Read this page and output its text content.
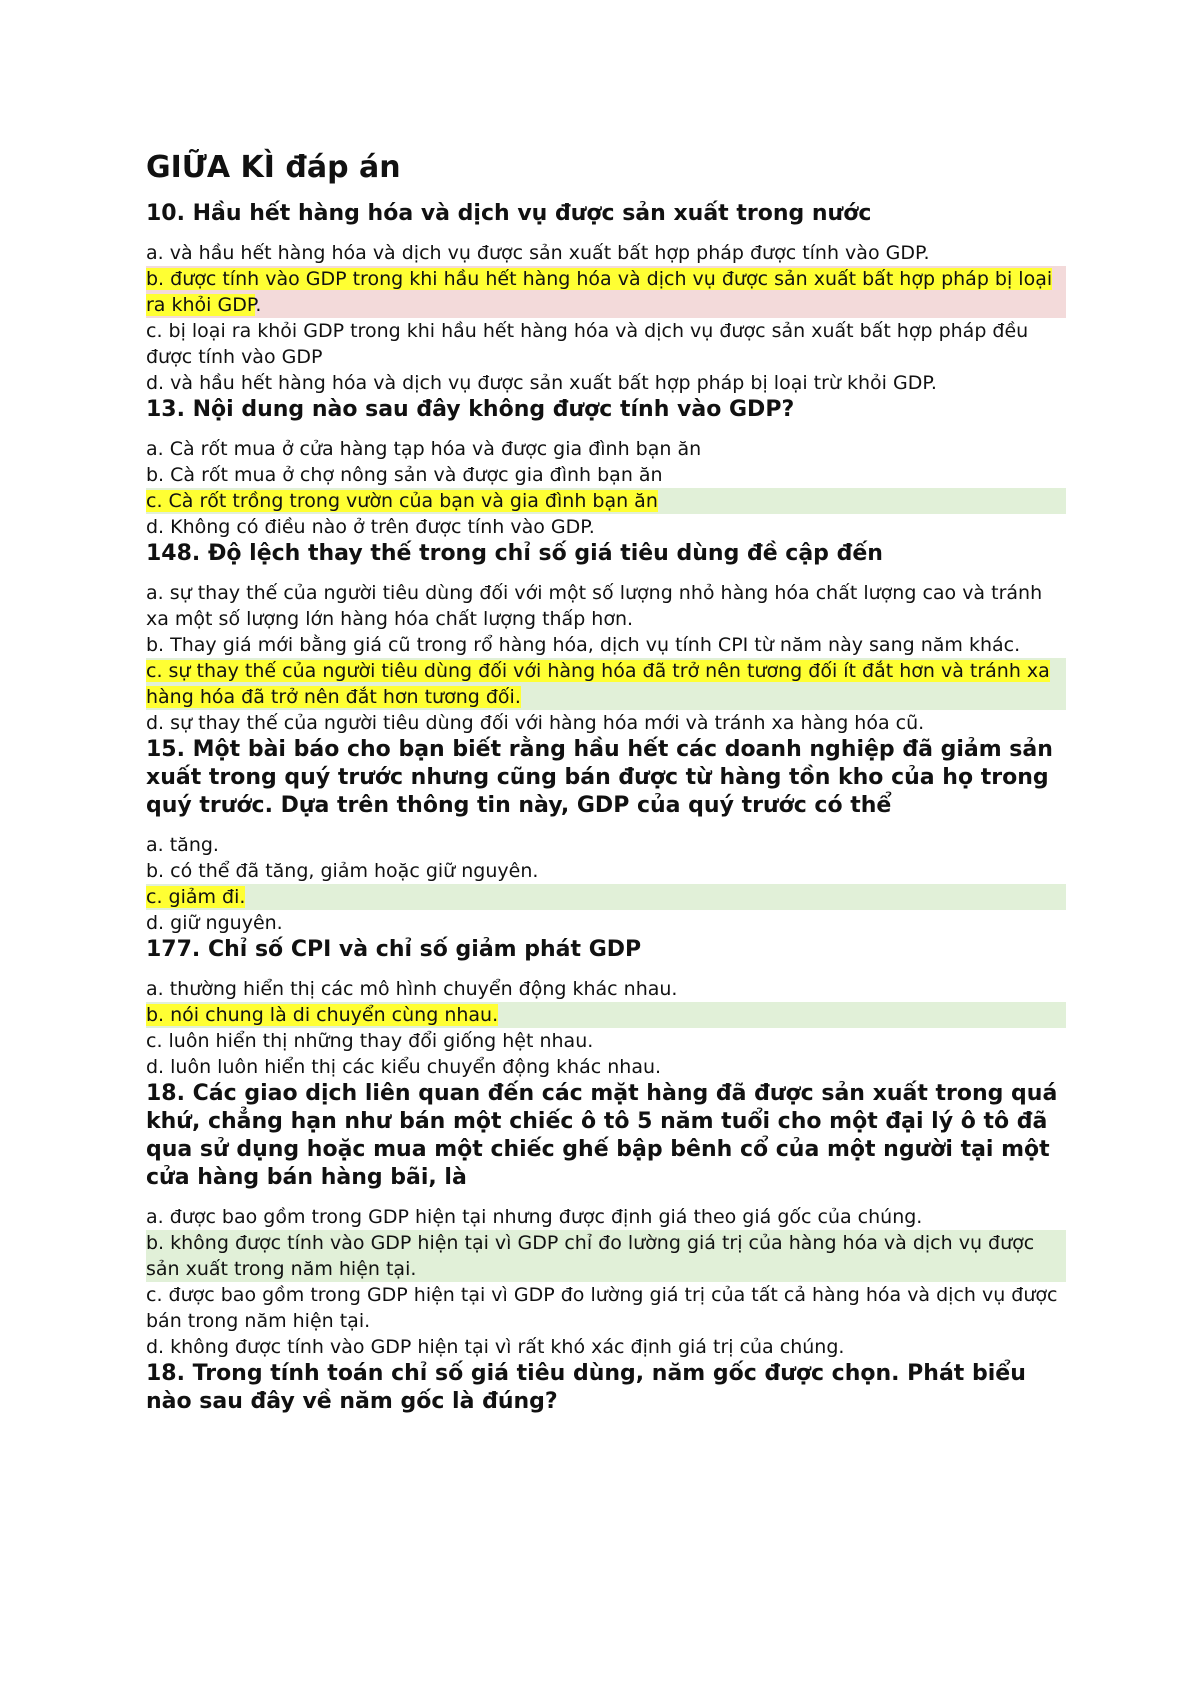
GIỮA KÌ đáp án
10. Hầu hết hàng hóa và dịch vụ được sản xuất trong nước
a. và hầu hết hàng hóa và dịch vụ được sản xuất bất hợp pháp được tính vào GDP.
b. được tính vào GDP trong khi hầu hết hàng hóa và dịch vụ được sản xuất bất hợp pháp bị loại ra khỏi GDP.
c. bị loại ra khỏi GDP trong khi hầu hết hàng hóa và dịch vụ được sản xuất bất hợp pháp đều được tính vào GDP
d. và hầu hết hàng hóa và dịch vụ được sản xuất bất hợp pháp bị loại trừ khỏi GDP.
13. Nội dung nào sau đây không được tính vào GDP?
a. Cà rốt mua ở cửa hàng tạp hóa và được gia đình bạn ăn
b. Cà rốt mua ở chợ nông sản và được gia đình bạn ăn
c. Cà rốt trồng trong vườn của bạn và gia đình bạn ăn
d. Không có điều nào ở trên được tính vào GDP.
148. Độ lệch thay thế trong chỉ số giá tiêu dùng đề cập đến
a. sự thay thế của người tiêu dùng đối với một số lượng nhỏ hàng hóa chất lượng cao và tránh xa một số lượng lớn hàng hóa chất lượng thấp hơn.
b. Thay giá mới bằng giá cũ trong rổ hàng hóa, dịch vụ tính CPI từ năm này sang năm khác.
c. sự thay thế của người tiêu dùng đối với hàng hóa đã trở nên tương đối ít đắt hơn và tránh xa hàng hóa đã trở nên đắt hơn tương đối.
d. sự thay thế của người tiêu dùng đối với hàng hóa mới và tránh xa hàng hóa cũ.
15. Một bài báo cho bạn biết rằng hầu hết các doanh nghiệp đã giảm sản xuất trong quý trước nhưng cũng bán được từ hàng tồn kho của họ trong quý trước. Dựa trên thông tin này, GDP của quý trước có thể
a. tăng.
b. có thể đã tăng, giảm hoặc giữ nguyên.
c. giảm đi.
d. giữ nguyên.
177. Chỉ số CPI và chỉ số giảm phát GDP
a. thường hiển thị các mô hình chuyển động khác nhau.
b. nói chung là di chuyển cùng nhau.
c. luôn hiển thị những thay đổi giống hệt nhau.
d. luôn luôn hiển thị các kiểu chuyển động khác nhau.
18. Các giao dịch liên quan đến các mặt hàng đã được sản xuất trong quá khứ, chẳng hạn như bán một chiếc ô tô 5 năm tuổi cho một đại lý ô tô đã qua sử dụng hoặc mua một chiếc ghế bập bênh cổ của một người tại một cửa hàng bán hàng bãi, là
a. được bao gồm trong GDP hiện tại nhưng được định giá theo giá gốc của chúng.
b. không được tính vào GDP hiện tại vì GDP chỉ đo lường giá trị của hàng hóa và dịch vụ được sản xuất trong năm hiện tại.
c. được bao gồm trong GDP hiện tại vì GDP đo lường giá trị của tất cả hàng hóa và dịch vụ được bán trong năm hiện tại.
d. không được tính vào GDP hiện tại vì rất khó xác định giá trị của chúng.
18. Trong tính toán chỉ số giá tiêu dùng, năm gốc được chọn. Phát biểu nào sau đây về năm gốc là đúng?
